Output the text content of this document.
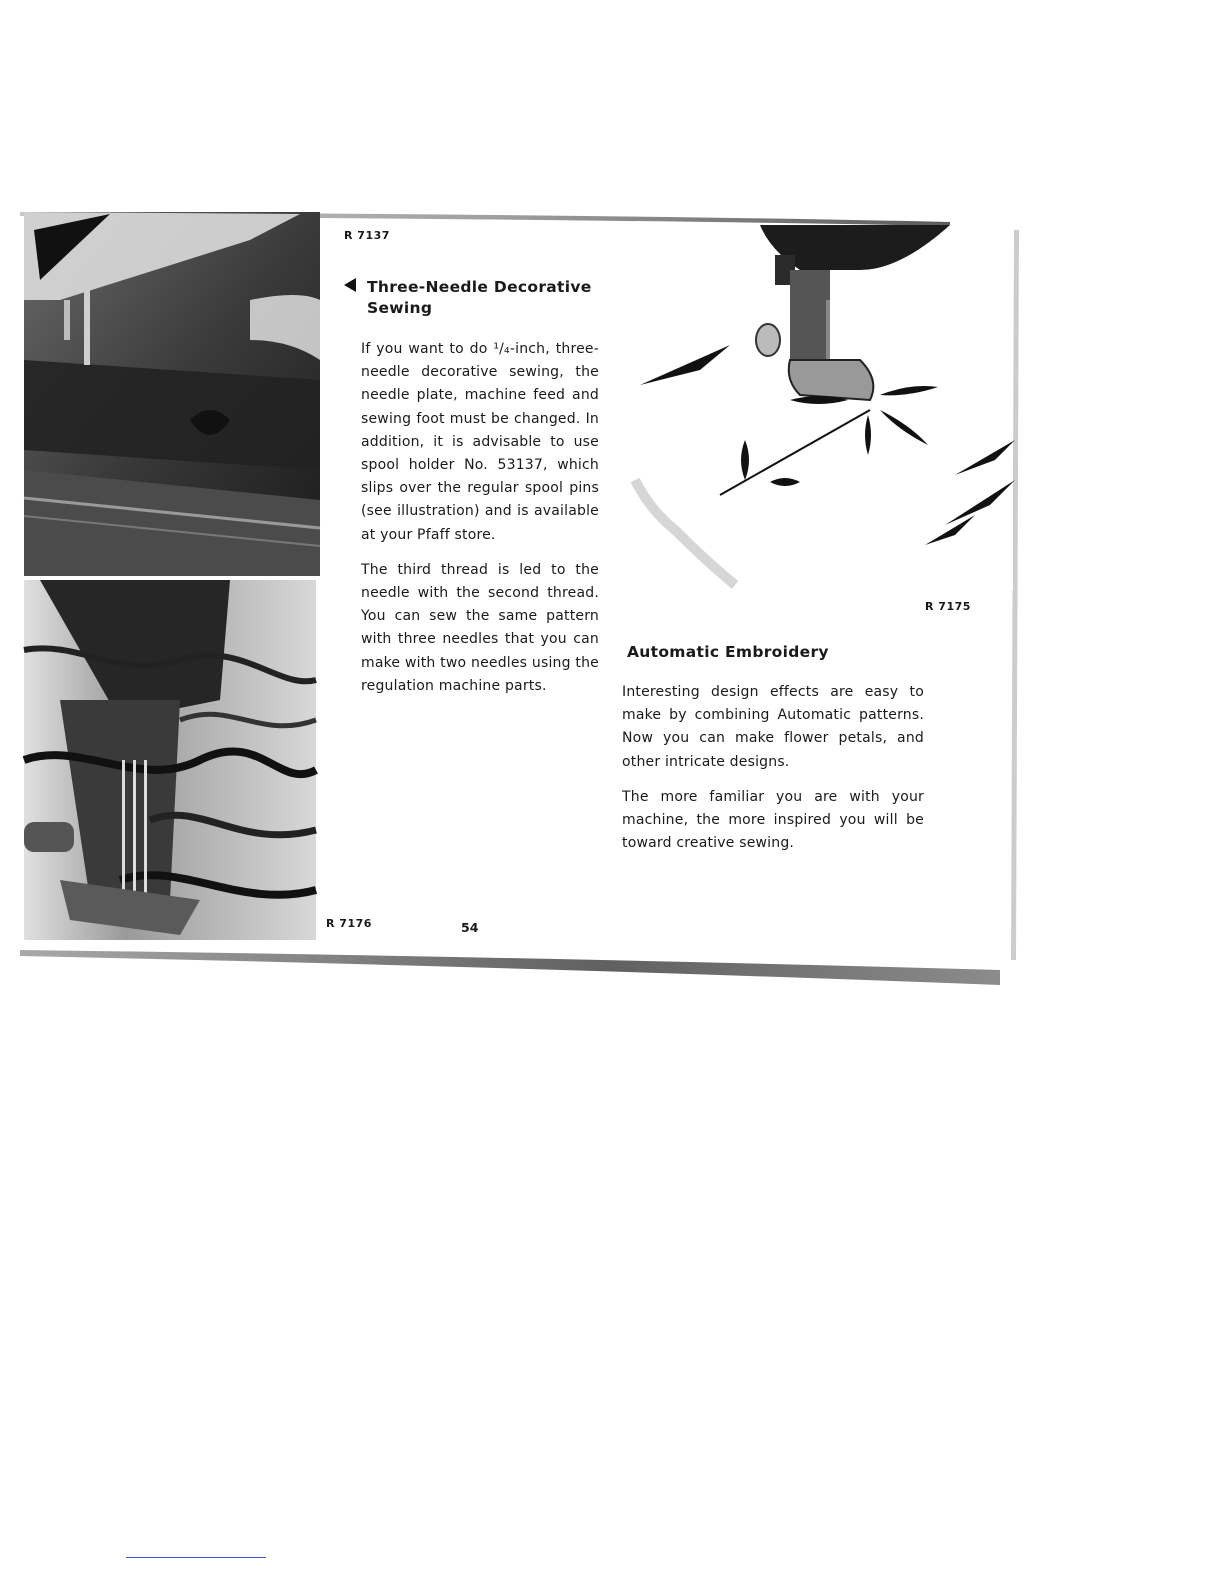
R 7137
Three-Needle Decorative
Sewing

If you want to do ¹/₄-inch, three-needle decorative sewing, the needle plate, machine feed and sewing foot must be changed. In addition, it is advisable to use spool holder No. 53137, which slips over the regular spool pins (see illustration) and is available at your Pfaff store.

The third thread is led to the needle with the second thread. You can sew the same pattern with three needles that you can make with two needles using the regulation machine parts.

R 7176	54
R 7175
Automatic Embroidery

Interesting design effects are easy to make by combining Automatic patterns. Now you can make flower petals, and other intricate designs.

The more familiar you are with your machine, the more inspired you will be toward creative sewing.
